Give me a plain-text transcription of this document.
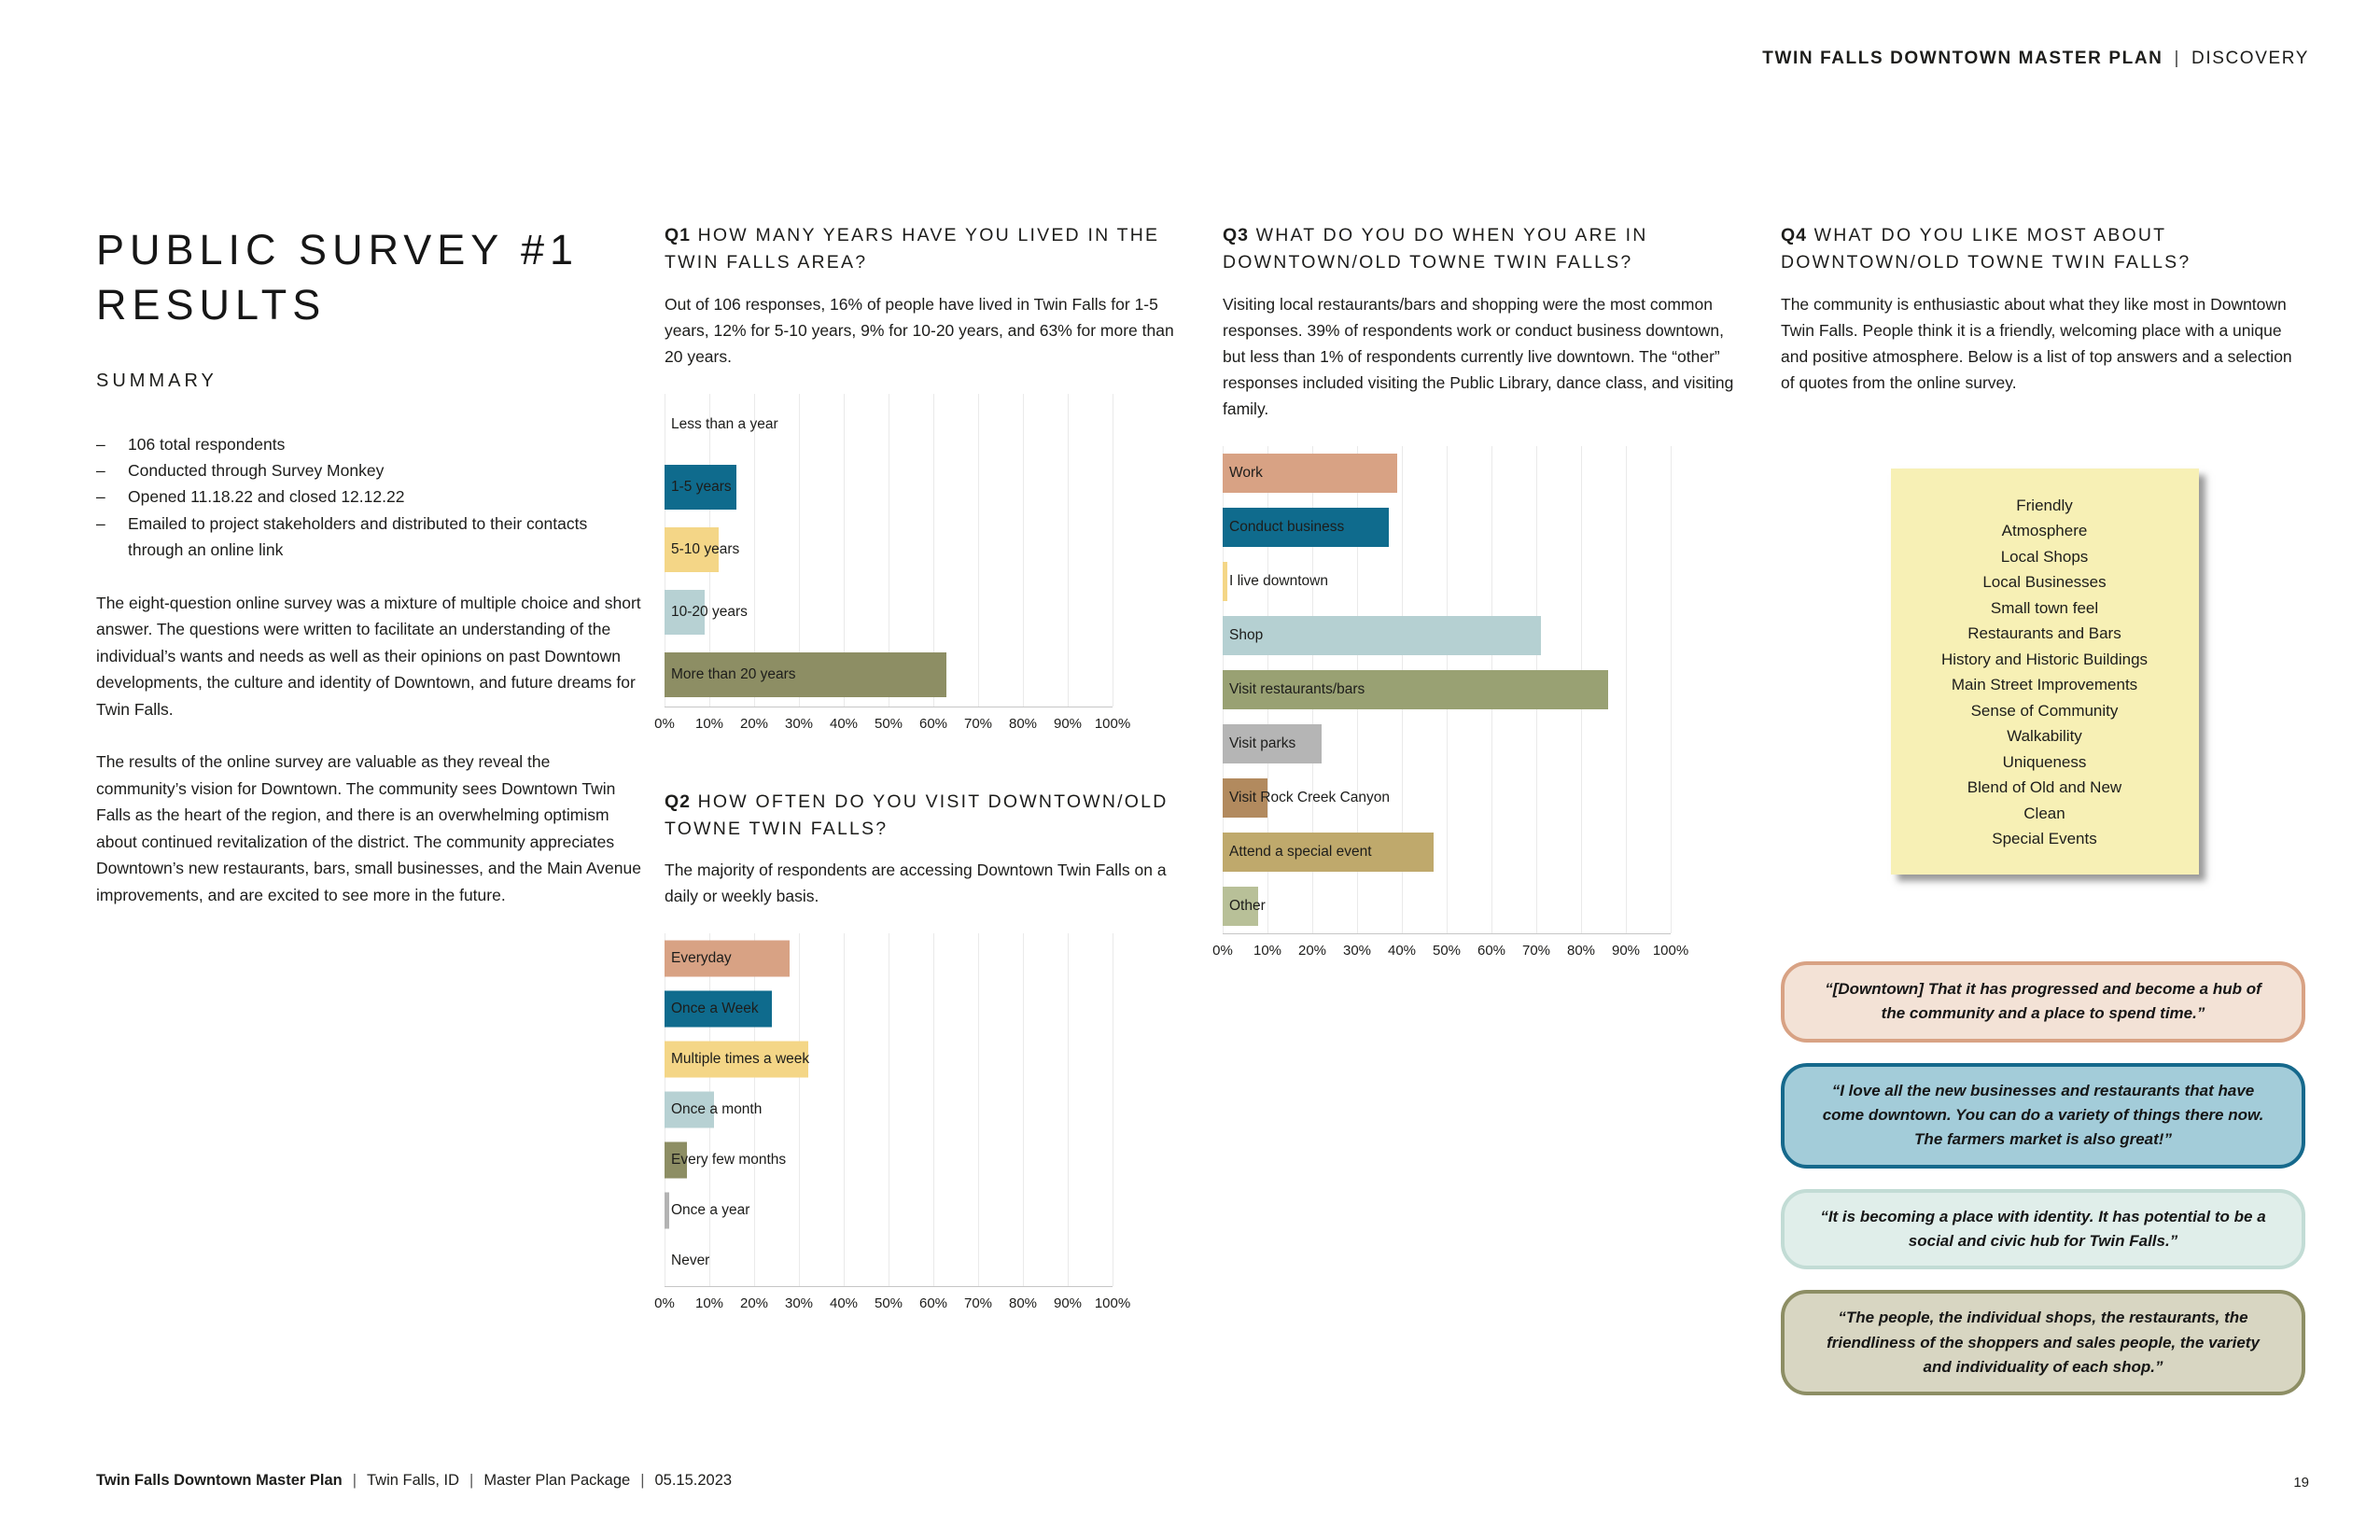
TWIN FALLS DOWNTOWN MASTER PLAN | DISCOVERY
PUBLIC SURVEY #1
RESULTS
SUMMARY
–	106 total respondents
–	Conducted through Survey Monkey
–	Opened 11.18.22 and closed 12.12.22
–	Emailed to project stakeholders and distributed to their contacts through an online link

The eight-question online survey was a mixture of multiple choice and short answer. The questions were written to facilitate an understanding of the individual’s wants and needs as well as their opinions on past Downtown developments, the culture and identity of Downtown, and future dreams for Twin Falls.

The results of the online survey are valuable as they reveal the community’s vision for Downtown. The community sees Downtown Twin Falls as the heart of the region, and there is an overwhelming optimism about continued revitalization of the district. The community appreciates Downtown’s new restaurants, bars, small businesses, and the Main Avenue improvements, and are excited to see more in the future.

Q1 HOW MANY YEARS HAVE YOU LIVED IN THE TWIN FALLS AREA?

Out of 106 responses, 16% of people have lived in Twin Falls for 1-5 years, 12% for 5-10 years, 9% for 10-20 years, and 63% for more than 20 years.

Less than a year
1-5 years
5-10 years
10-20 years
More than 20 years
0% 10% 20% 30% 40% 50% 60% 70% 80% 90% 100%
Q2 HOW OFTEN DO YOU VISIT DOWNTOWN/OLD TOWNE TWIN FALLS?

The majority of respondents are accessing Downtown Twin Falls on a daily or weekly basis.

Everyday
Once a Week
Multiple times a week
Once a month
Every few months
Once a year
Never
0% 10% 20% 30% 40% 50% 60% 70% 80% 90% 100%
Q3 WHAT DO YOU DO WHEN YOU ARE IN DOWNTOWN/OLD TOWNE TWIN FALLS?

Visiting local restaurants/bars and shopping were the most common responses. 39% of respondents work or conduct business downtown, but less than 1% of respondents currently live downtown. The “other” responses included visiting the Public Library, dance class, and visiting family.

Work
Conduct business
I live downtown
Shop
Visit restaurants/bars
Visit parks
Visit Rock Creek Canyon
Attend a special event
Other
0% 10% 20% 30% 40% 50% 60% 70% 80% 90% 100%
Q4 WHAT DO YOU LIKE MOST ABOUT DOWNTOWN/OLD TOWNE TWIN FALLS?

The community is enthusiastic about what they like most in Downtown Twin Falls. People think it is a friendly, welcoming place with a unique and positive atmosphere. Below is a list of top answers and a selection of quotes from the online survey.

Friendly
Atmosphere
Local Shops
Local Businesses
Small town feel
Restaurants and Bars
History and Historic Buildings
Main Street Improvements
Sense of Community
Walkability
Uniqueness
Blend of Old and New
Clean
Special Events
“[Downtown] That it has progressed and become a hub of the community and a place to spend time.”
“I love all the new businesses and restaurants that have come downtown. You can do a variety of things there now. The farmers market is also great!”
“It is becoming a place with identity. It has potential to be a social and civic hub for Twin Falls.”
“The people, the individual shops, the restaurants, the friendliness of the shoppers and sales people, the variety and individuality of each shop.”
Twin Falls Downtown Master Plan | Twin Falls, ID | Master Plan Package | 05.15.2023	19
